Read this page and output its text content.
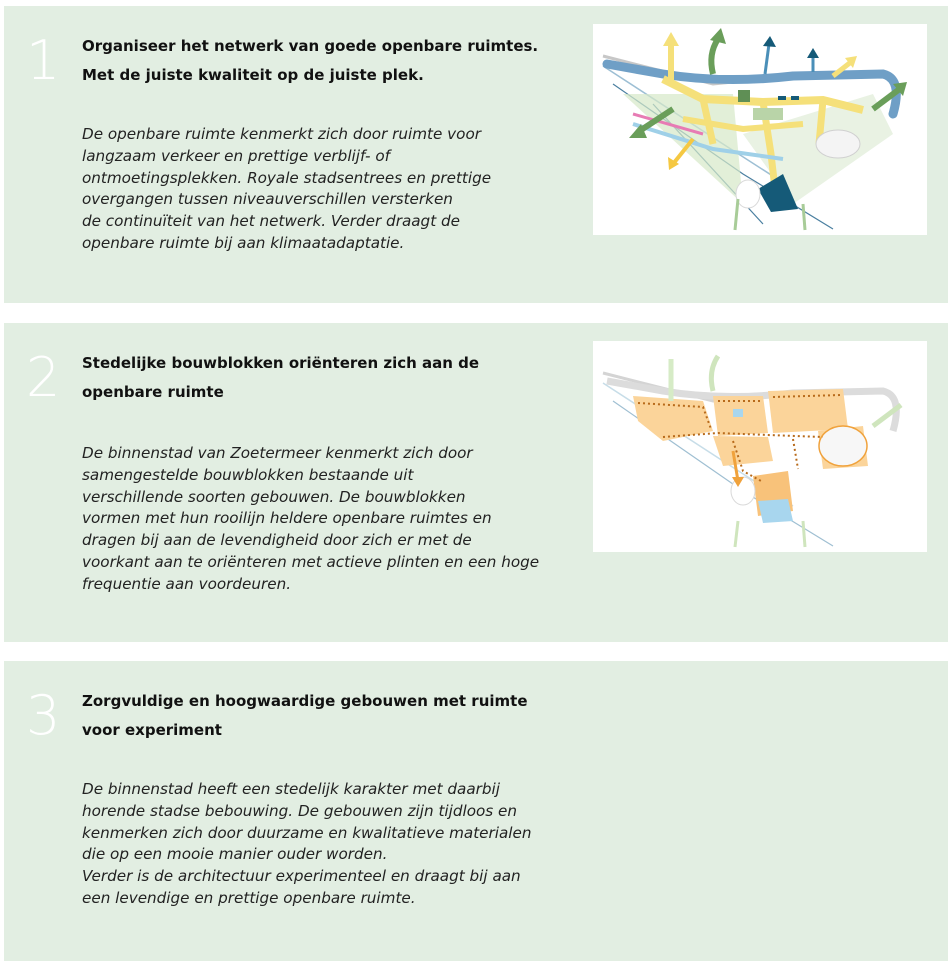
1 Organiseer het netwerk van goede openbare ruimtes. Met de juiste kwaliteit op de juiste plek.

De openbare ruimte kenmerkt zich door ruimte voor
langzaam verkeer en prettige verblijf- of
ontmoetingsplekken. Royale stadsentrees en prettige
overgangen tussen niveauverschillen versterken
de continuïteit van het netwerk. Verder draagt de
openbare ruimte bij aan klimaatadaptatie.

2 Stedelijke bouwblokken oriënteren zich aan de openbare ruimte

De binnenstad van Zoetermeer kenmerkt zich door
samengestelde bouwblokken bestaande uit
verschillende soorten gebouwen. De bouwblokken
vormen met hun rooilijn heldere openbare ruimtes en
dragen bij aan de levendigheid door zich er met de
voorkant aan te oriënteren met actieve plinten en een hoge
frequentie aan voordeuren.

3 Zorgvuldige en hoogwaardige gebouwen met ruimte voor experiment

De binnenstad heeft een stedelijk karakter met daarbij
horende stadse bebouwing. De gebouwen zijn tijdloos en
kenmerken zich door duurzame en kwalitatieve materialen
die op een mooie manier ouder worden.
Verder is de architectuur experimenteel en draagt bij aan
een levendige en prettige openbare ruimte.
